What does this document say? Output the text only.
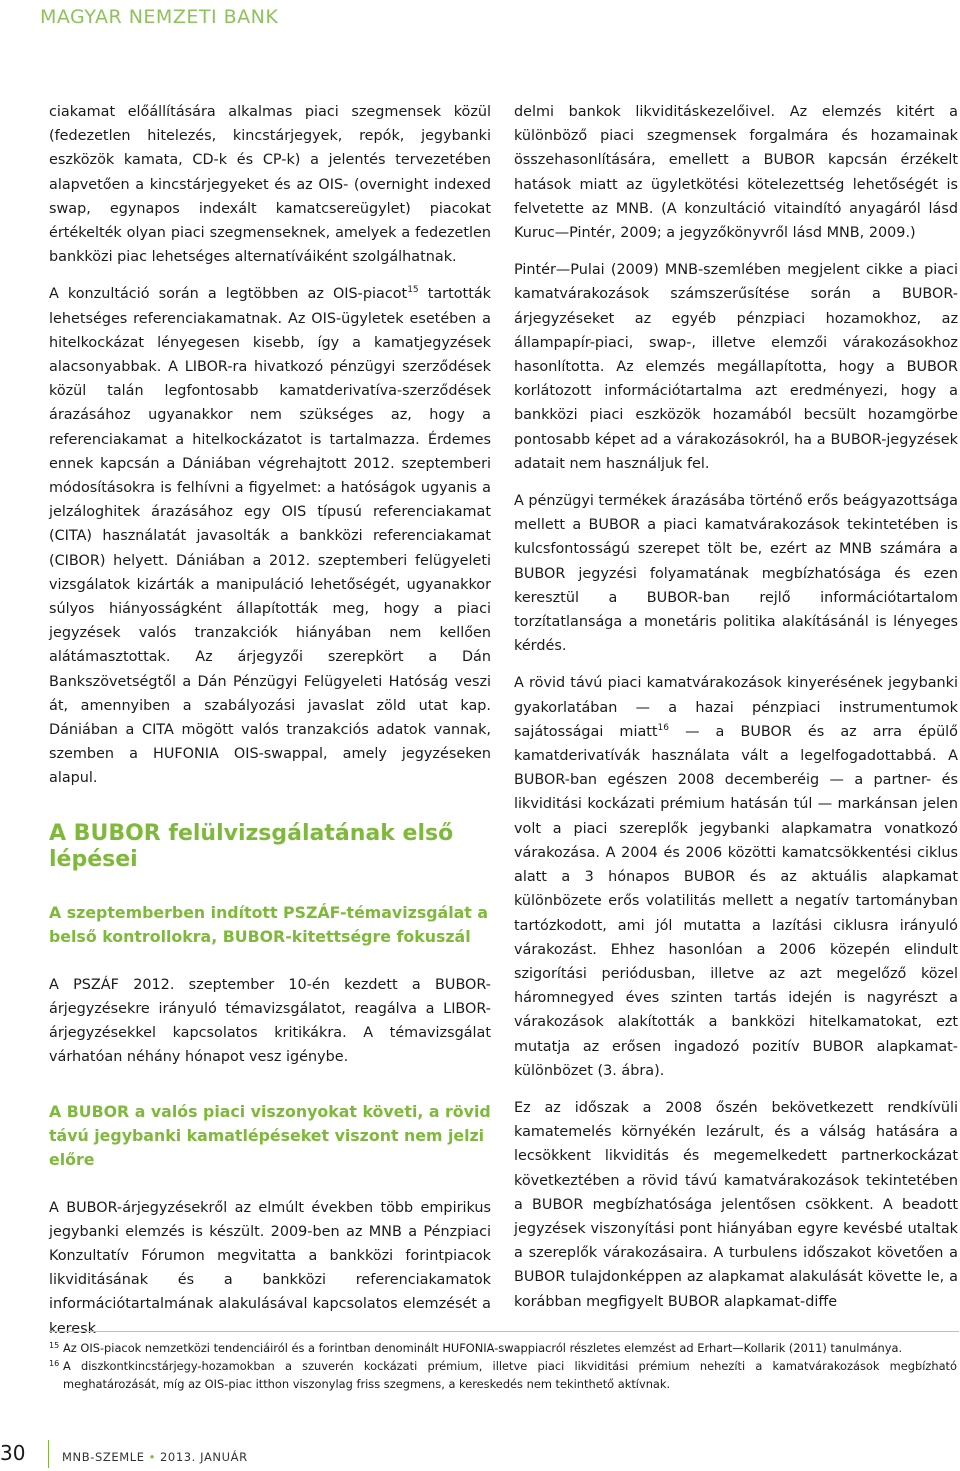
MAGYAR NEMZETI BANK

ciakamat előállítására alkalmas piaci szegmensek közül (fedezetlen hitelezés, kincstárjegyek, repók, jegybanki eszközök kamata, CD-k és CP-k) a jelentés tervezetében alapvetően a kincstárjegyeket és az OIS- (overnight indexed swap, egynapos indexált kamatcsereügylet) piacokat értékelték olyan piaci szegmenseknek, amelyek a fedezetlen bankközi piac lehetséges alternatíváiként szolgálhatnak.

A konzultáció során a legtöbben az OIS-piacot$^{15}$ tartották lehetséges referenciakamatnak. Az OIS-ügyletek esetében a hitelkockázat lényegesen kisebb, így a kamatjegyzések alacsonyabbak. A LIBOR-ra hivatkozó pénzügyi szerződések közül talán legfontosabb kamatderivatíva-szerződések árazásához ugyanakkor nem szükséges az, hogy a referenciakamat a hitelkockázatot is tartalmazza. Érdemes ennek kapcsán a Dániában végrehajtott 2012. szeptemberi módosításokra is felhívni a figyelmet: a hatóságok ugyanis a jelzáloghitek árazásához egy OIS típusú referenciakamat (CITA) használatát javasolták a bankközi referenciakamat (CIBOR) helyett. Dániában a 2012. szeptemberi felügyeleti vizsgálatok kizárták a manipuláció lehetőségét, ugyanakkor súlyos hiányosságként állapították meg, hogy a piaci jegyzések valós tranzakciók hiányában nem kellően alátámasztottak. Az árjegyzői szerepkört a Dán Bankszövetségtől a Dán Pénzügyi Felügyeleti Hatóság veszi át, amennyiben a szabályozási javaslat zöld utat kap. Dániában a CITA mögött valós tranzakciós adatok vannak, szemben a HUFONIA OIS-swappal, amely jegyzéseken alapul.

A BUBOR felülvizsgálatának első lépései
A szeptemberben indított PSZÁF-témavizsgálat a belső kontrollokra, BUBOR-kitettségre fokuszál

A PSZÁF 2012. szeptember 10-én kezdett a BUBOR-árjegyzésekre irányuló témavizsgálatot, reagálva a LIBOR-árjegyzésekkel kapcsolatos kritikákra. A témavizsgálat várhatóan néhány hónapot vesz igénybe.

A BUBOR a valós piaci viszonyokat követi, a rövid távú jegybanki kamatlépéseket viszont nem jelzi előre

A BUBOR-árjegyzésekről az elmúlt években több empirikus jegybanki elemzés is készült. 2009-ben az MNB a Pénzpiaci Konzultatív Fórumon megvitatta a bankközi forintpiacok likviditásának és a bankközi referenciakamatok információtartalmának alakulásával kapcsolatos elemzését a keresk

delmi bankok likviditáskezelőivel. Az elemzés kitért a különböző piaci szegmensek forgalmára és hozamainak összehasonlítására, emellett a BUBOR kapcsán érzékelt hatások miatt az ügyletkötési kötelezettség lehetőségét is felvetette az MNB. (A konzultáció vitaindító anyagáról lásd Kuruc—Pintér, 2009; a jegyzőkönyvről lásd MNB, 2009.)

Pintér—Pulai (2009) MNB-szemlében megjelent cikke a piaci kamatvárakozások számszerűsítése során a BUBOR-árjegyzéseket az egyéb pénzpiaci hozamokhoz, az állampapír-piaci, swap-, illetve elemzői várakozásokhoz hasonlította. Az elemzés megállapította, hogy a BUBOR korlátozott információtartalma azt eredményezi, hogy a bankközi piaci eszközök hozamából becsült hozamgörbe pontosabb képet ad a várakozásokról, ha a BUBOR-jegyzések adatait nem használjuk fel.

A pénzügyi termékek árazásába történő erős beágyazottsága mellett a BUBOR a piaci kamatvárakozások tekintetében is kulcsfontosságú szerepet tölt be, ezért az MNB számára a BUBOR jegyzési folyamatának megbízhatósága és ezen keresztül a BUBOR-ban rejlő információtartalom torzítatlansága a monetáris politika alakításánál is lényeges kérdés.

A rövid távú piaci kamatvárakozások kinyerésének jegybanki gyakorlatában — a hazai pénzpiaci instrumentumok sajátosságai miatt$^{16}$ — a BUBOR és az arra épülő kamatderivatívák használata vált a legelfogadottabbá. A BUBOR-ban egészen 2008 decemberéig — a partner- és likviditási kockázati prémium hatásán túl — markánsan jelen volt a piaci szereplők jegybanki alapkamatra vonatkozó várakozása. A 2004 és 2006 közötti kamatcsökkentési ciklus alatt a 3 hónapos BUBOR és az aktuális alapkamat különbözete erős volatilitás mellett a negatív tartományban tartózkodott, ami jól mutatta a lazítási ciklusra irányuló várakozást. Ehhez hasonlóan a 2006 közepén elindult szigorítási periódusban, illetve az azt megelőző közel háromnegyed éves szinten tartás idején is nagyrészt a várakozások alakították a bankközi hitelkamatokat, ezt mutatja az erősen ingadozó pozitív BUBOR alapkamat-különbözet (3. ábra).

Ez az időszak a 2008 őszén bekövetkezett rendkívüli kamatemelés környékén lezárult, és a válság hatására a lecsökkent likviditás és megemelkedett partnerkockázat következtében a rövid távú kamatvárakozások tekintetében a BUBOR megbízhatósága jelentősen csökkent. A beadott jegyzések viszonyítási pont hiányában egyre kevésbé utaltak a szereplők várakozásaira. A turbulens időszakot követően a BUBOR tulajdonképpen az alapkamat alakulását követte le, a korábban megfigyelt BUBOR alapkamat-diffe

15 Az OIS-piacok nemzetközi tendenciáiról és a forintban denominált HUFONIA-swappiacról részletes elemzést ad Erhart—Kollarik (2011) tanulmánya.
16 A diszkontkincstárjegy-hozamokban a szuverén kockázati prémium, illetve piaci likviditási prémium nehezíti a kamatvárakozások megbízható meghatározását, míg az OIS-piac itthon viszonylag friss szegmens, a kereskedés nem tekinthető aktívnak.
30	MNB-SZEMLE • 2013. JANUÁR
